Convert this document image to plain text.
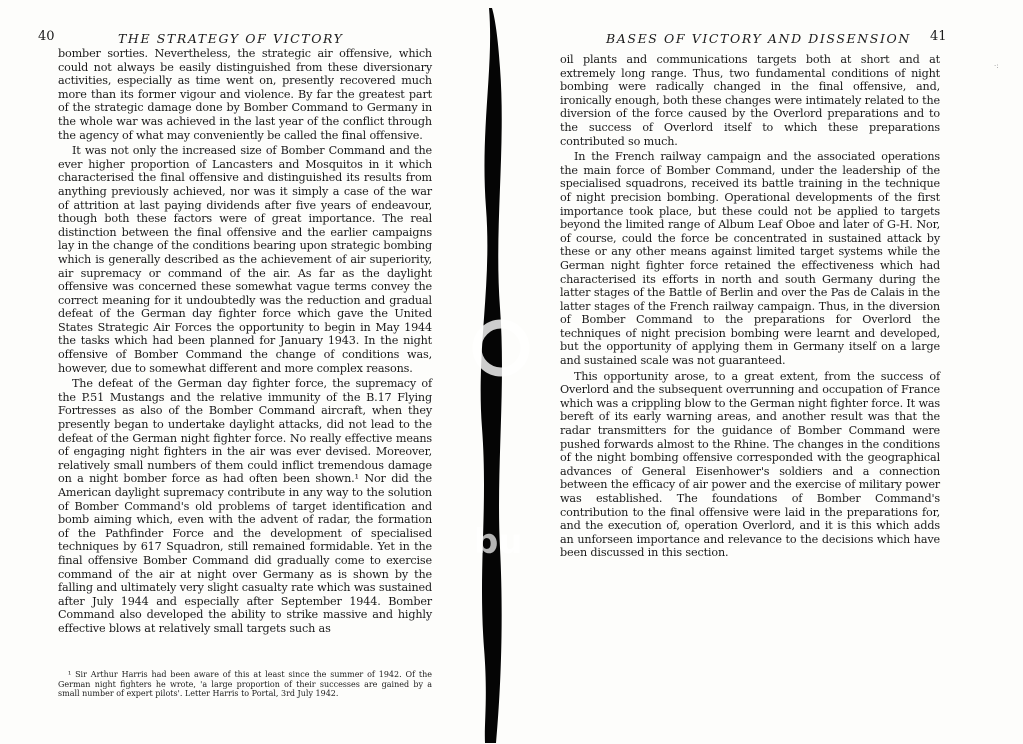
40	THE STRATEGY OF VICTORY

bomber sorties. Nevertheless, the strategic air offensive, which could not always be easily distinguished from these diversionary activities, especially as time went on, presently recovered much more than its former vigour and violence. By far the greatest part of the strategic damage done by Bomber Command to Germany in the whole war was achieved in the last year of the conflict through the agency of what may conveniently be called the final offensive.

It was not only the increased size of Bomber Command and the ever higher proportion of Lancasters and Mosquitos in it which characterised the final offensive and distinguished its results from anything previously achieved, nor was it simply a case of the war of attrition at last paying dividends after five years of endeavour, though both these factors were of great importance. The real distinction between the final offensive and the earlier campaigns lay in the change of the conditions bearing upon strategic bombing which is generally described as the achievement of air superiority, air supremacy or command of the air. As far as the daylight offensive was concerned these somewhat vague terms convey the correct meaning for it undoubtedly was the reduction and gradual defeat of the German day fighter force which gave the United States Strategic Air Forces the opportunity to begin in May 1944 the tasks which had been planned for January 1943. In the night offensive of Bomber Command the change of conditions was, however, due to somewhat different and more complex reasons.

The defeat of the German day fighter force, the supremacy of the P.51 Mustangs and the relative immunity of the B.17 Flying Fortresses as also of the Bomber Command aircraft, when they presently began to undertake daylight attacks, did not lead to the defeat of the German night fighter force. No really effective means of engaging night fighters in the air was ever devised. Moreover, relatively small numbers of them could inflict tremendous damage on a night bomber force as had often been shown.¹ Nor did the American daylight supremacy contribute in any way to the solution of Bomber Command's old problems of target identification and bomb aiming which, even with the advent of radar, the formation of the Pathfinder Force and the development of specialised techniques by 617 Squadron, still remained formidable. Yet in the final offensive Bomber Command did gradually come to exercise command of the air at night over Germany as is shown by the falling and ultimately very slight casualty rate which was sustained after July 1944 and especially after September 1944. Bomber Command also developed the ability to strike massive and highly effective blows at relatively small targets such as

¹ Sir Arthur Harris had been aware of this at least since the summer of 1942. Of the German night fighters he wrote, 'a large proportion of their successes are gained by a small number of expert pilots'. Letter Harris to Portal, 3rd July 1942.

BASES OF VICTORY AND DISSENSION 41

oil plants and communications targets both at short and at extremely long range. Thus, two fundamental conditions of night bombing were radically changed in the final offensive, and, ironically enough, both these changes were intimately related to the diversion of the force caused by the Overlord preparations and to the success of Overlord itself to which these preparations contributed so much.

In the French railway campaign and the associated operations the main force of Bomber Command, under the leadership of the specialised squadrons, received its battle training in the technique of night precision bombing. Operational developments of the first importance took place, but these could not be applied to targets beyond the limited range of Album Leaf Oboe and later of G-H. Nor, of course, could the force be concentrated in sustained attack by these or any other means against limited target systems while the German night fighter force retained the effectiveness which had characterised its efforts in north and south Germany during the latter stages of the Battle of Berlin and over the Pas de Calais in the latter stages of the French railway campaign. Thus, in the diversion of Bomber Command to the preparations for Overlord the techniques of night precision bombing were learnt and developed, but the opportunity of applying them in Germany itself on a large and sustained scale was not guaranteed.

This opportunity arose, to a great extent, from the success of Overlord and the subsequent overrunning and occupation of France which was a crippling blow to the German night fighter force. It was bereft of its early warning areas, and another result was that the radar transmitters for the guidance of Bomber Command were pushed forwards almost to the Rhine. The changes in the conditions of the night bombing offensive corresponded with the geographical advances of General Eisenhower's soldiers and a connection between the efficacy of air power and the exercise of military power was established. The foundations of Bomber Command's contribution to the final offensive were laid in the preparations for, and the execution of, operation Overlord, and it is this which adds an unforseen importance and relevance to the decisions which have been discussed in this section.

·:
bu
